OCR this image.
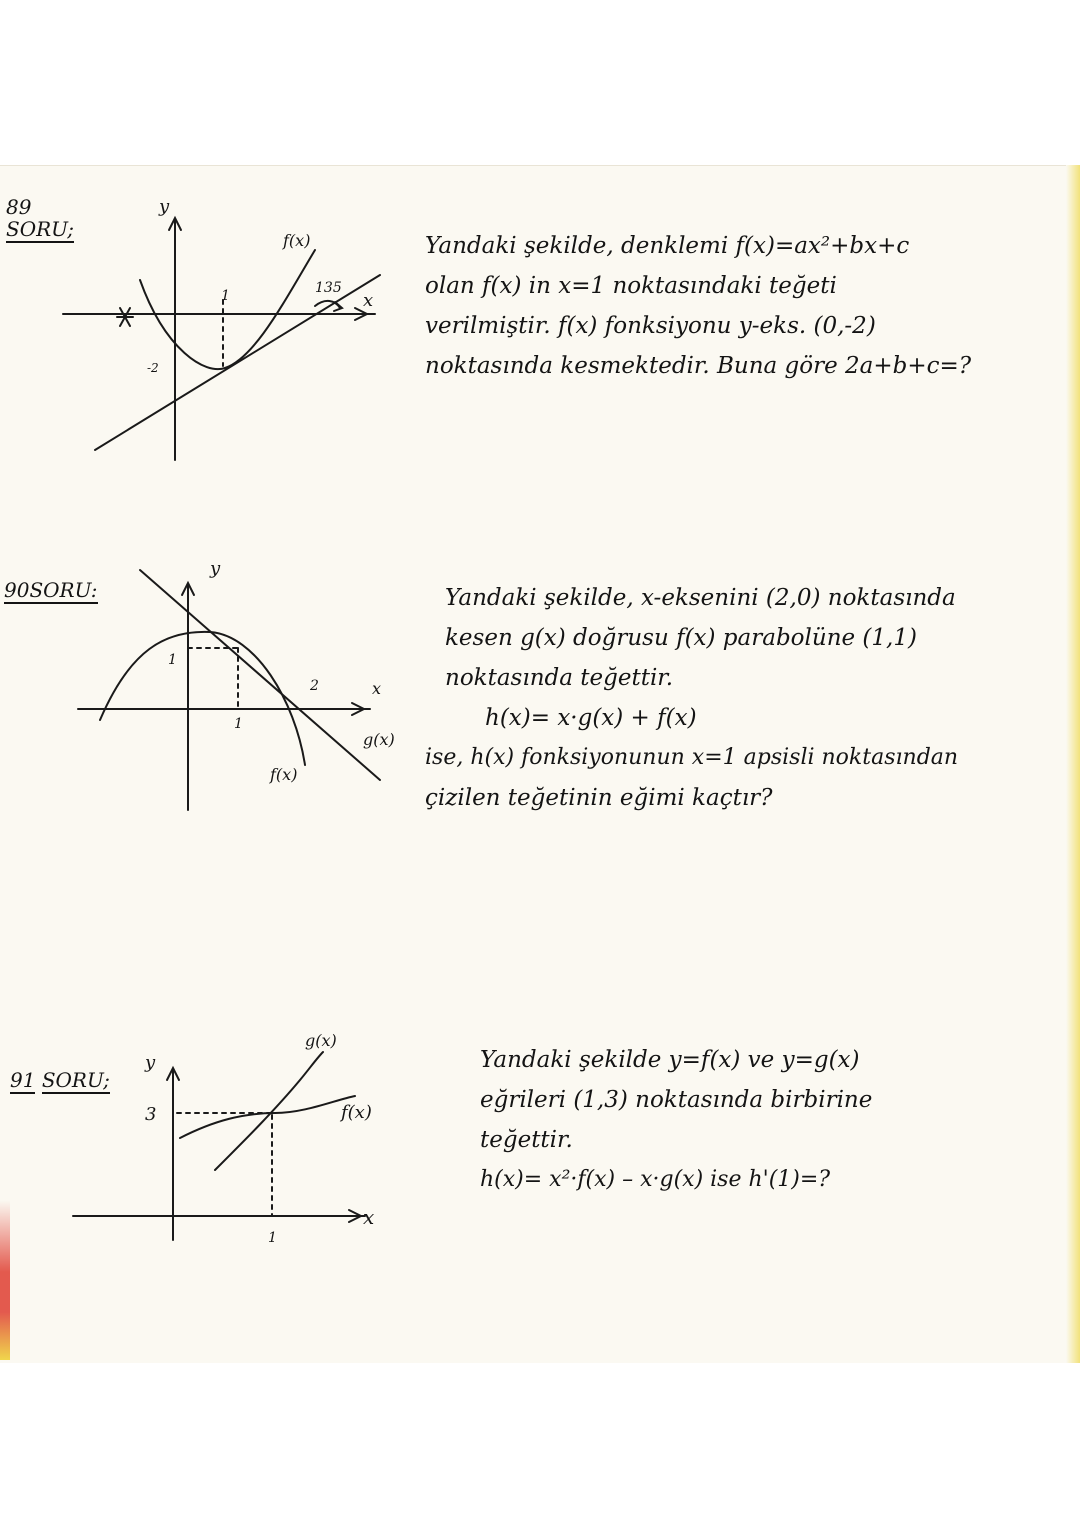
89
SORU;
y
x
f(x)
135
1
-2
Yandaki şekilde, denklemi f(x)=ax²+bx+c
olan f(x) in x=1 noktasındaki teğeti
verilmiştir. f(x) fonksiyonu y-eks. (0,-2)
noktasında kesmektedir. Buna göre 2a+b+c=?
90SORU:
y
x
1
1
2
f(x)
g(x)
Yandaki şekilde, x-eksenini (2,0) noktasında
kesen g(x) doğrusu f(x) parabolüne (1,1)
noktasında teğettir.
h(x)= x·g(x) + f(x)
ise, h(x) fonksiyonunun x=1 apsisli noktasından
çizilen teğetinin eğimi kaçtır?
91 SORU;
y
x
3
1
g(x)
f(x)
Yandaki şekilde y=f(x) ve y=g(x)
eğrileri (1,3) noktasında birbirine
teğettir.
h(x)= x²·f(x) – x·g(x) ise h'(1)=?
